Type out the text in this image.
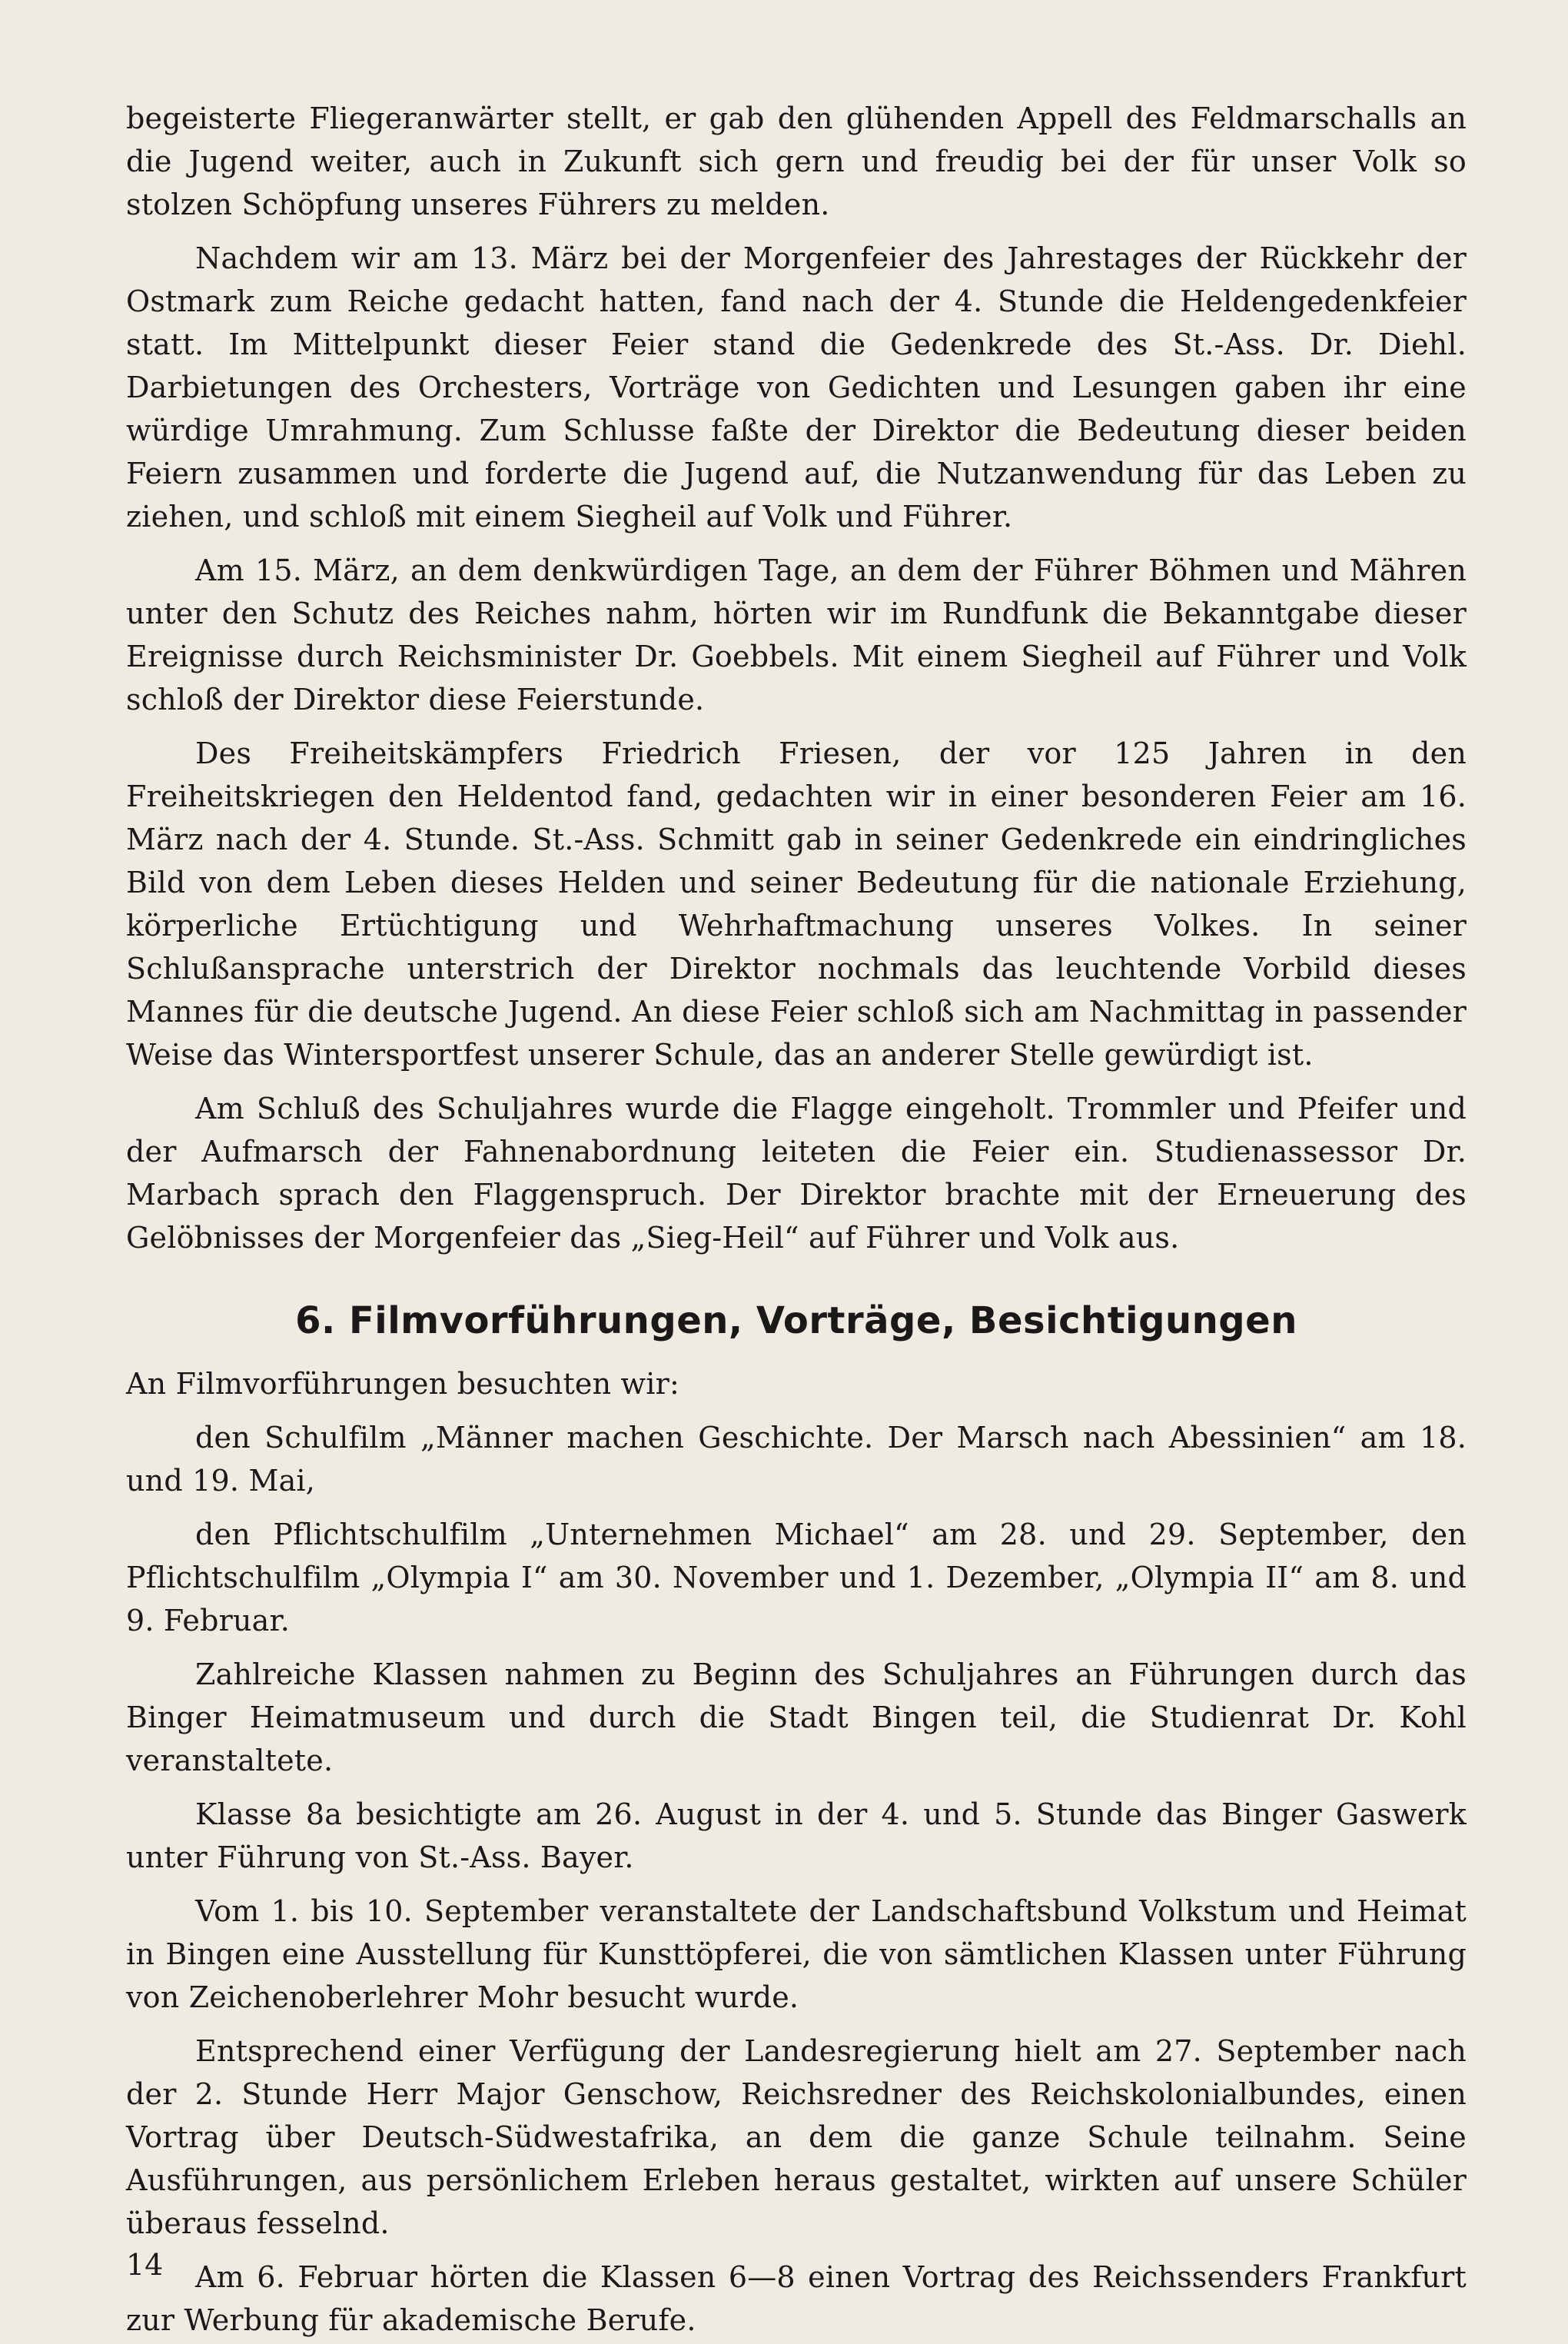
begeisterte Fliegeranwärter stellt, er gab den glühenden Appell des Feldmarschalls an die Jugend weiter, auch in Zukunft sich gern und freudig bei der für unser Volk so stolzen Schöpfung unseres Führers zu melden.

Nachdem wir am 13. März bei der Morgenfeier des Jahrestages der Rückkehr der Ostmark zum Reiche gedacht hatten, fand nach der 4. Stunde die Heldengedenkfeier statt. Im Mittelpunkt dieser Feier stand die Gedenkrede des St.-Ass. Dr. Diehl. Darbietungen des Orchesters, Vorträge von Gedichten und Lesungen gaben ihr eine würdige Umrahmung. Zum Schlusse faßte der Direktor die Bedeutung dieser beiden Feiern zusammen und forderte die Jugend auf, die Nutzanwendung für das Leben zu ziehen, und schloß mit einem Siegheil auf Volk und Führer.

Am 15. März, an dem denkwürdigen Tage, an dem der Führer Böhmen und Mähren unter den Schutz des Reiches nahm, hörten wir im Rundfunk die Bekanntgabe dieser Ereignisse durch Reichsminister Dr. Goebbels. Mit einem Siegheil auf Führer und Volk schloß der Direktor diese Feierstunde.

Des Freiheitskämpfers Friedrich Friesen, der vor 125 Jahren in den Freiheitskriegen den Heldentod fand, gedachten wir in einer besonderen Feier am 16. März nach der 4. Stunde. St.-Ass. Schmitt gab in seiner Gedenkrede ein eindringliches Bild von dem Leben dieses Helden und seiner Bedeutung für die nationale Erziehung, körperliche Ertüchtigung und Wehrhaftmachung unseres Volkes. In seiner Schlußansprache unterstrich der Direktor nochmals das leuchtende Vorbild dieses Mannes für die deutsche Jugend. An diese Feier schloß sich am Nachmittag in passender Weise das Wintersportfest unserer Schule, das an anderer Stelle gewürdigt ist.

Am Schluß des Schuljahres wurde die Flagge eingeholt. Trommler und Pfeifer und der Aufmarsch der Fahnenabordnung leiteten die Feier ein. Studienassessor Dr. Marbach sprach den Flaggenspruch. Der Direktor brachte mit der Erneuerung des Gelöbnisses der Morgenfeier das „Sieg-Heil“ auf Führer und Volk aus.

6. Filmvorführungen, Vorträge, Besichtigungen

An Filmvorführungen besuchten wir:

den Schulfilm „Männer machen Geschichte. Der Marsch nach Abessinien“ am 18. und 19. Mai,

den Pflichtschulfilm „Unternehmen Michael“ am 28. und 29. September, den Pflichtschulfilm „Olympia I“ am 30. November und 1. Dezember, „Olympia II“ am 8. und 9. Februar.

Zahlreiche Klassen nahmen zu Beginn des Schuljahres an Führungen durch das Binger Heimatmuseum und durch die Stadt Bingen teil, die Studienrat Dr. Kohl veranstaltete.

Klasse 8a besichtigte am 26. August in der 4. und 5. Stunde das Binger Gaswerk unter Führung von St.-Ass. Bayer.

Vom 1. bis 10. September veranstaltete der Landschaftsbund Volkstum und Heimat in Bingen eine Ausstellung für Kunsttöpferei, die von sämtlichen Klassen unter Führung von Zeichenoberlehrer Mohr besucht wurde.

Entsprechend einer Verfügung der Landesregierung hielt am 27. September nach der 2. Stunde Herr Major Genschow, Reichsredner des Reichskolonialbundes, einen Vortrag über Deutsch-Südwestafrika, an dem die ganze Schule teilnahm. Seine Ausführungen, aus persönlichem Erleben heraus gestaltet, wirkten auf unsere Schüler überaus fesselnd.

Am 6. Februar hörten die Klassen 6—8 einen Vortrag des Reichssenders Frankfurt zur Werbung für akademische Berufe.

14
